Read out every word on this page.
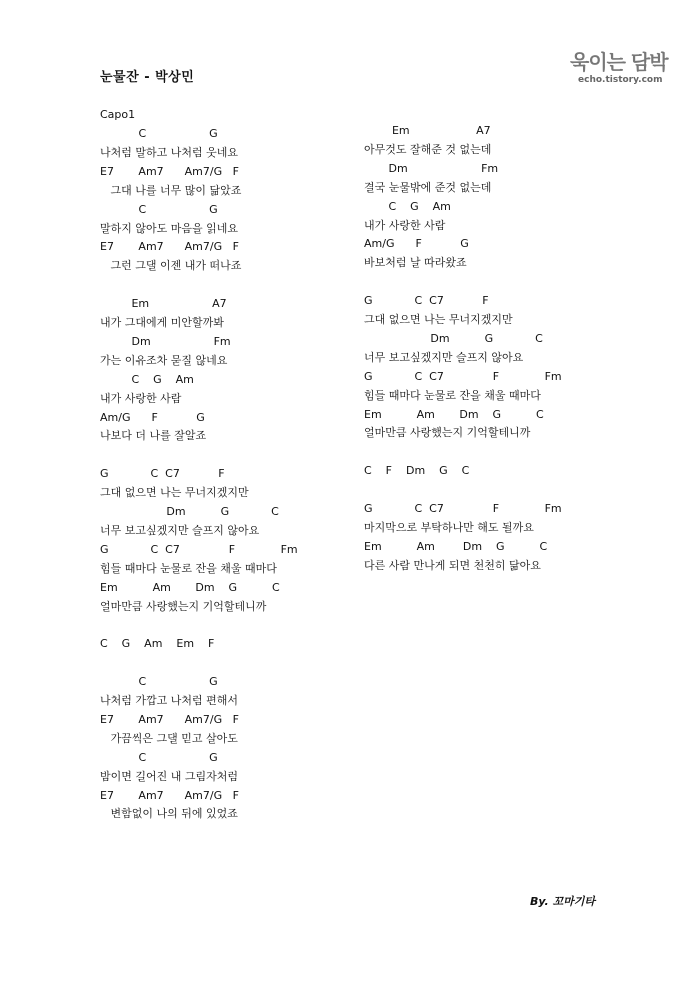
눈물잔 - 박상민
욱이는 담박
echo.tistory.com
Capo1
C                  G
나처럼 말하고 나처럼 웃네요
E7       Am7      Am7/G   F
그대 나를 너무 많이 닮았죠
C                  G
말하지 않아도 마음을 읽네요
E7       Am7      Am7/G   F
그런 그댈 이젠 내가 떠나죠
Em                  A7
내가 그대에게 미안할까봐
Dm                  Fm
가는 이유조차 묻질 않네요
C    G    Am
내가 사랑한 사람
Am/G      F           G
나보다 더 나를 잘알죠
G            C  C7           F
그대 없으면 나는 무너지겠지만
Dm          G            C
너무 보고싶겠지만 슬프지 않아요
G            C  C7              F             Fm
힘들 때마다 눈물로 잔을 채울 때마다
Em          Am       Dm    G          C
얼마만큼 사랑했는지 기억할테니까
C    G    Am    Em    F
C                  G
나처럼 가깝고 나처럼 편해서
E7       Am7      Am7/G   F
가끔씩은 그댈 믿고 살아도
C                  G
밤이면 길어진 내 그림자처럼
E7       Am7      Am7/G   F
변함없이 나의 뒤에 있었죠
Em                   A7
아무것도 잘해준 것 없는데
Dm                     Fm
결국 눈물밖에 준것 없는데
C    G    Am
내가 사랑한 사람
Am/G      F           G
바보처럼 날 따라왔죠
G            C  C7           F
그대 없으면 나는 무너지겠지만
Dm          G            C
너무 보고싶겠지만 슬프지 않아요
G            C  C7              F             Fm
힘들 때마다 눈물로 잔을 채울 때마다
Em          Am       Dm    G          C
얼마만큼 사랑했는지 기억할테니까
C    F    Dm    G    C
G            C  C7              F             Fm
마지막으로 부탁하나만 해도 될까요
Em          Am        Dm    G          C
다른 사람 만나게 되면 천천히 닮아요
By. 꼬마기타
